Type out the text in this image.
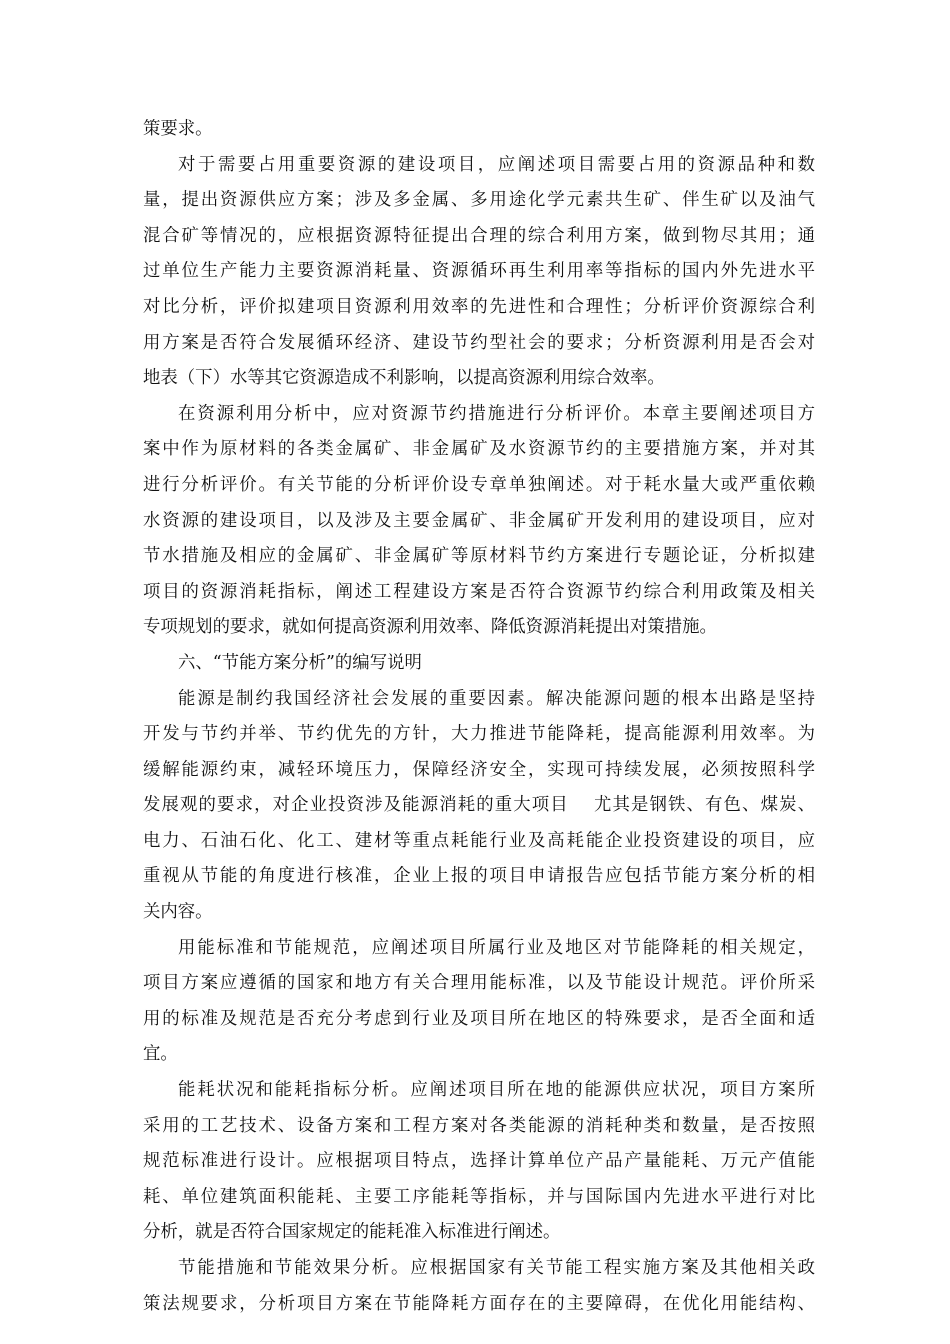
策要求。
对于需要占用重要资源的建设项目，应阐述项目需要占用的资源品种和数
量，提出资源供应方案；涉及多金属、多用途化学元素共生矿、伴生矿以及油气
混合矿等情况的，应根据资源特征提出合理的综合利用方案，做到物尽其用；通
过单位生产能力主要资源消耗量、资源循环再生利用率等指标的国内外先进水平
对比分析，评价拟建项目资源利用效率的先进性和合理性；分析评价资源综合利
用方案是否符合发展循环经济、建设节约型社会的要求；分析资源利用是否会对
地表（下）水等其它资源造成不利影响，以提高资源利用综合效率。
在资源利用分析中，应对资源节约措施进行分析评价。本章主要阐述项目方
案中作为原材料的各类金属矿、非金属矿及水资源节约的主要措施方案，并对其
进行分析评价。有关节能的分析评价设专章单独阐述。对于耗水量大或严重依赖
水资源的建设项目，以及涉及主要金属矿、非金属矿开发利用的建设项目，应对
节水措施及相应的金属矿、非金属矿等原材料节约方案进行专题论证，分析拟建
项目的资源消耗指标，阐述工程建设方案是否符合资源节约综合利用政策及相关
专项规划的要求，就如何提高资源利用效率、降低资源消耗提出对策措施。
六、“节能方案分析”的编写说明
能源是制约我国经济社会发展的重要因素。解决能源问题的根本出路是坚持
开发与节约并举、节约优先的方针，大力推进节能降耗，提高能源利用效率。为
缓解能源约束，减轻环境压力，保障经济安全，实现可持续发展，必须按照科学
发展观的要求，对企业投资涉及能源消耗的重大项目　 尤其是钢铁、有色、煤炭、
电力、石油石化、化工、建材等重点耗能行业及高耗能企业投资建设的项目，应
重视从节能的角度进行核准，企业上报的项目申请报告应包括节能方案分析的相
关内容。
用能标准和节能规范，应阐述项目所属行业及地区对节能降耗的相关规定，
项目方案应遵循的国家和地方有关合理用能标准，以及节能设计规范。评价所采
用的标准及规范是否充分考虑到行业及项目所在地区的特殊要求，是否全面和适
宜。
能耗状况和能耗指标分析。应阐述项目所在地的能源供应状况，项目方案所
采用的工艺技术、设备方案和工程方案对各类能源的消耗种类和数量，是否按照
规范标准进行设计。应根据项目特点，选择计算单位产品产量能耗、万元产值能
耗、单位建筑面积能耗、主要工序能耗等指标，并与国际国内先进水平进行对比
分析，就是否符合国家规定的能耗准入标准进行阐述。
节能措施和节能效果分析。应根据国家有关节能工程实施方案及其他相关政
策法规要求，分析项目方案在节能降耗方面存在的主要障碍，在优化用能结构、
